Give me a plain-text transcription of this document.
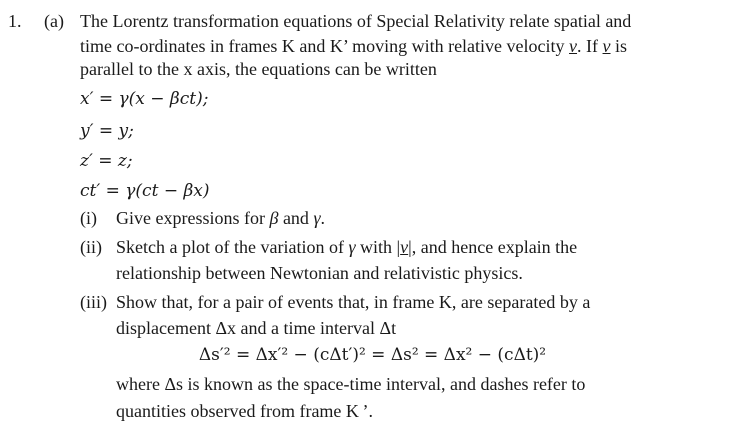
1. (a) The Lorentz transformation equations of Special Relativity relate spatial and
time co-ordinates in frames K and K’ moving with relative velocity v. If v is
parallel to the x axis, the equations can be written
x′ = γ(x − βct);
y′ = y;
z′ = z;
ct′ = γ(ct − βx)
(i) Give expressions for β and γ.
(ii) Sketch a plot of the variation of γ with |v|, and hence explain the
relationship between Newtonian and relativistic physics.
(iii) Show that, for a pair of events that, in frame K, are separated by a
displacement Δx and a time interval Δt
Δs′² = Δx′² − (cΔt′)² = Δs² = Δx² − (cΔt)²
where Δs is known as the space-time interval, and dashes refer to
quantities observed from frame K ’.
